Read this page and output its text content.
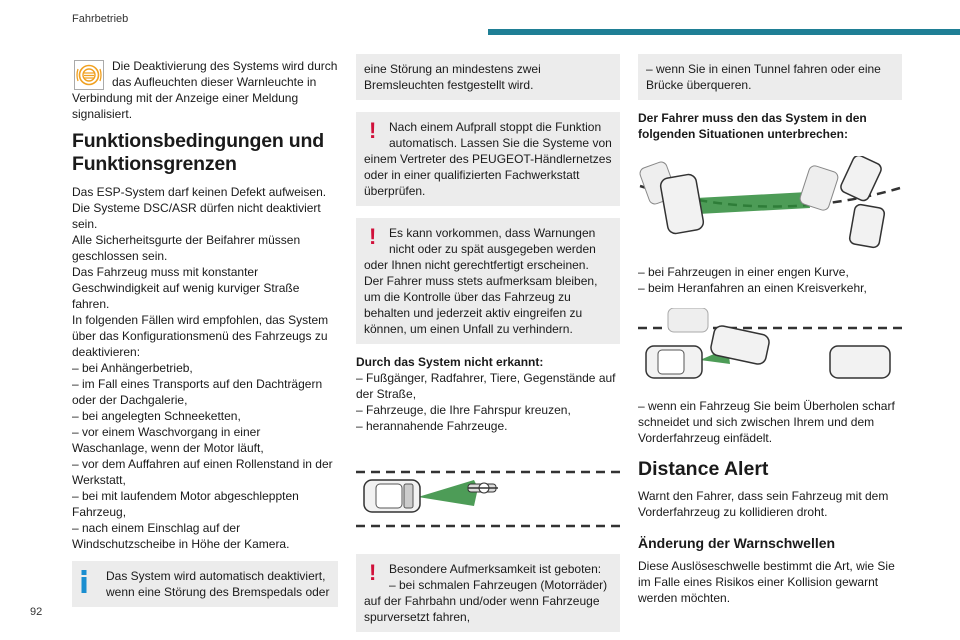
Fahrbetrieb
92

Die Deaktivierung des Systems wird durch

das Aufleuchten dieser Warnleuchte in

Verbindung mit der Anzeige einer Meldung signalisiert.

Funktionsbedingungen und Funktionsgrenzen

Das ESP-System darf keinen Defekt aufweisen.

Die Systeme DSC/ASR dürfen nicht deaktiviert sein.

Alle Sicherheitsgurte der Beifahrer müssen geschlossen sein.

Das Fahrzeug muss mit konstanter Geschwindigkeit auf wenig kurviger Straße fahren.

In folgenden Fällen wird empfohlen, das System über das Konfigurationsmenü des Fahrzeugs zu deaktivieren:

– bei Anhängerbetrieb,

– im Fall eines Transports auf den Dachträgern oder der Dachgalerie,

– bei angelegten Schneeketten,

– vor einem Waschvorgang in einer Waschanlage, wenn der Motor läuft,

– vor dem Auffahren auf einen Rollenstand in der Werkstatt,

– bei mit laufendem Motor abgeschleppten Fahrzeug,

– nach einem Einschlag auf der Windschutzscheibe in Höhe der Kamera.

Das System wird automatisch deaktiviert, wenn eine Störung des Bremspedals oder

eine Störung an mindestens zwei Bremsleuchten festgestellt wird.

!	Nach einem Aufprall stoppt die Funktion

automatisch. Lassen Sie die Systeme von

einem Vertreter des PEUGEOT-Händlernetzes oder in einer qualifizierten Fachwerkstatt überprüfen.

!	Es kann vorkommen, dass Warnungen

nicht oder zu spät ausgegeben werden

oder Ihnen nicht gerechtfertigt erscheinen.

Der Fahrer muss stets aufmerksam bleiben, um die Kontrolle über das Fahrzeug zu behalten und jederzeit aktiv eingreifen zu können, um einen Unfall zu verhindern.

Durch das System nicht erkannt:

– Fußgänger, Radfahrer, Tiere, Gegenstände auf der Straße,

– Fahrzeuge, die Ihre Fahrspur kreuzen,

– herannahende Fahrzeuge.

!	Besondere Aufmerksamkeit ist geboten:

– bei schmalen Fahrzeugen (Motorräder)

auf der Fahrbahn und/oder wenn Fahrzeuge spurversetzt fahren,

– wenn Sie in einen Tunnel fahren oder eine Brücke überqueren.

Der Fahrer muss den das System in den folgenden Situationen unterbrechen:

– bei Fahrzeugen in einer engen Kurve,

– beim Heranfahren an einen Kreisverkehr,

– wenn ein Fahrzeug Sie beim Überholen scharf schneidet und sich zwischen Ihrem und dem Vorderfahrzeug einfädelt.

Distance Alert

Warnt den Fahrer, dass sein Fahrzeug mit dem Vorderfahrzeug zu kollidieren droht.

Änderung der Warnschwellen

Diese Auslöseschwelle bestimmt die Art, wie Sie im Falle eines Risikos einer Kollision gewarnt werden möchten.
